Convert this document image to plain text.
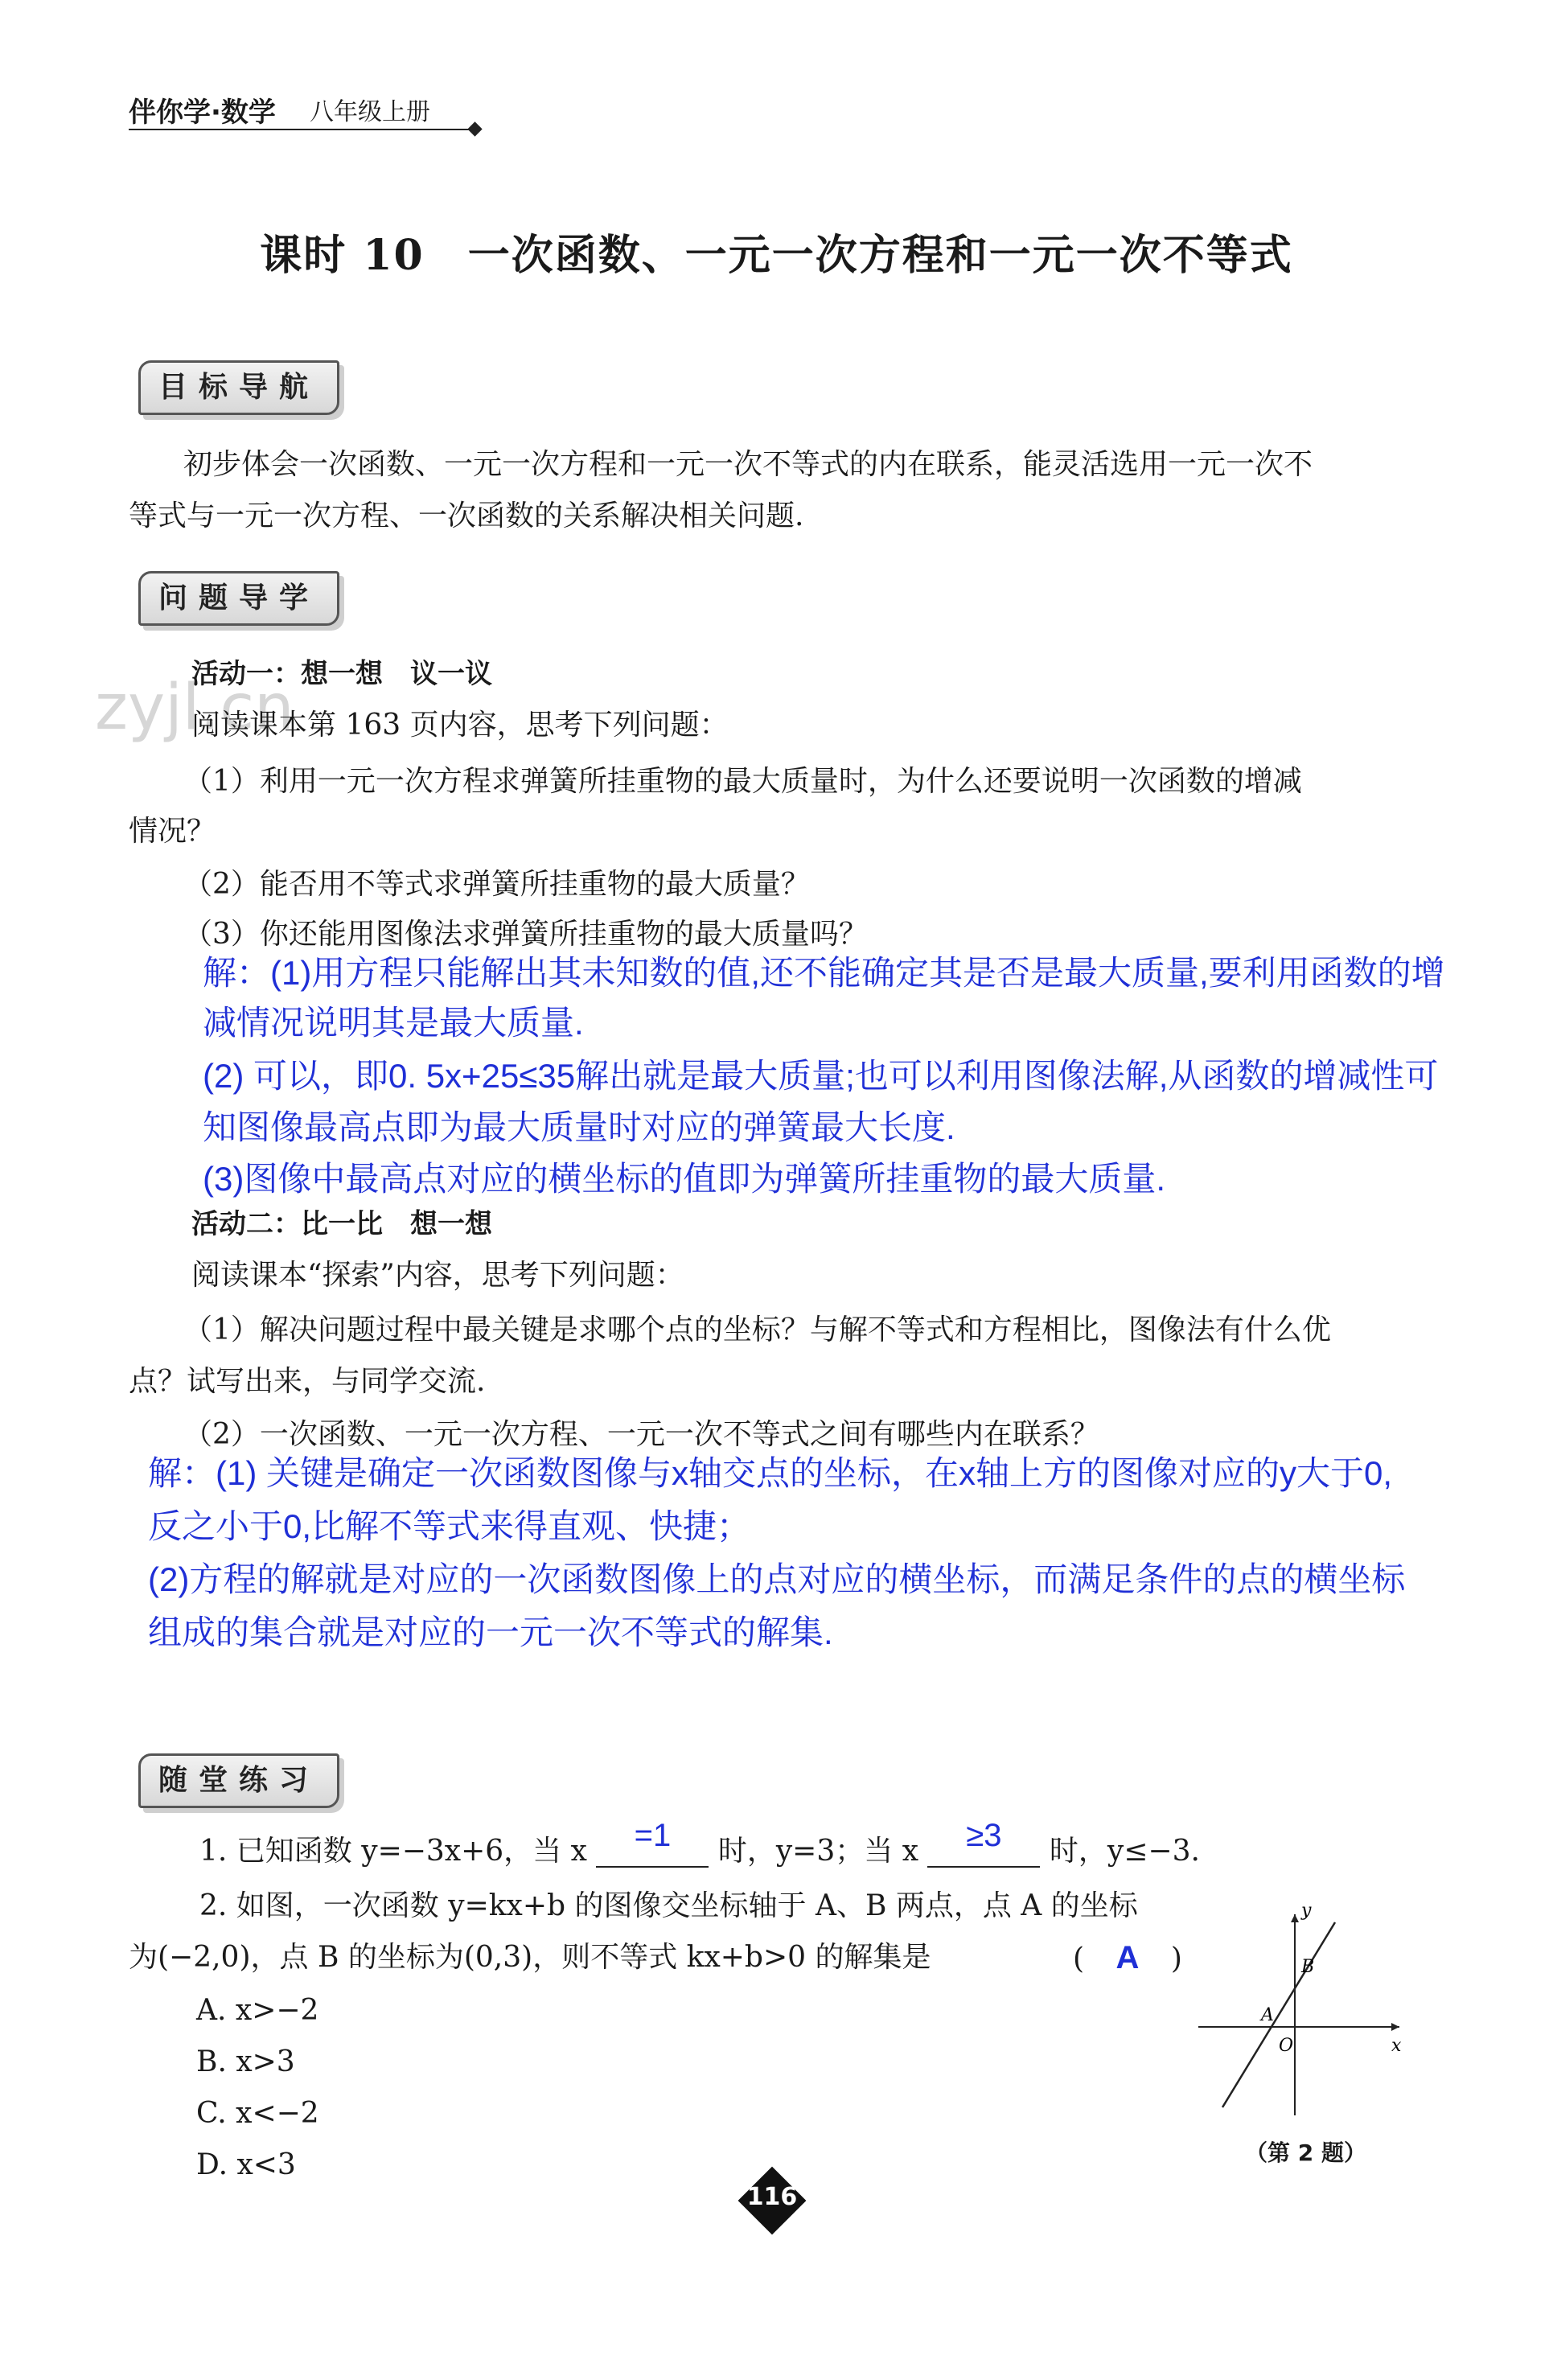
伴你学·数学 八年级上册
课时 10　一次函数、一元一次方程和一元一次不等式
目标导航
初步体会一次函数、一元一次方程和一元一次不等式的内在联系，能灵活选用一元一次不
等式与一元一次方程、一次函数的关系解决相关问题.
问题导学
zyjl.cn
活动一：想一想　议一议
阅读课本第 163 页内容，思考下列问题：
（1）利用一元一次方程求弹簧所挂重物的最大质量时，为什么还要说明一次函数的增减
情况？
（2）能否用不等式求弹簧所挂重物的最大质量？
（3）你还能用图像法求弹簧所挂重物的最大质量吗？
解：(1)用方程只能解出其未知数的值,还不能确定其是否是最大质量,要利用函数的增
减情况说明其是最大质量.
(2) 可以，即0. 5x+25≤35解出就是最大质量;也可以利用图像法解,从函数的增减性可
知图像最高点即为最大质量时对应的弹簧最大长度.
(3)图像中最高点对应的横坐标的值即为弹簧所挂重物的最大质量.
活动二：比一比　想一想
阅读课本“探索”内容，思考下列问题：
（1）解决问题过程中最关键是求哪个点的坐标？与解不等式和方程相比，图像法有什么优
点？试写出来，与同学交流.
（2）一次函数、一元一次方程、一元一次不等式之间有哪些内在联系？
解：(1) 关键是确定一次函数图像与x轴交点的坐标，在x轴上方的图像对应的y大于0,
反之小于0,比解不等式来得直观、快捷；
(2)方程的解就是对应的一次函数图像上的点对应的横坐标，而满足条件的点的横坐标
组成的集合就是对应的一元一次不等式的解集.
随堂练习
1. 已知函数 y=−3x+6，当 x	=1	时，y=3；当 x	≥3	时，y≤−3.
2. 如图，一次函数 y=kx+b 的图像交坐标轴于 A、B 两点，点 A 的坐标
为(−2,0)，点 B 的坐标为(0,3)，则不等式 kx+b>0 的解集是	( A )
A. x>−2
B. x>3
C. x<−2
D. x<3
y
x
O
A
B
（第 2 题）
116
